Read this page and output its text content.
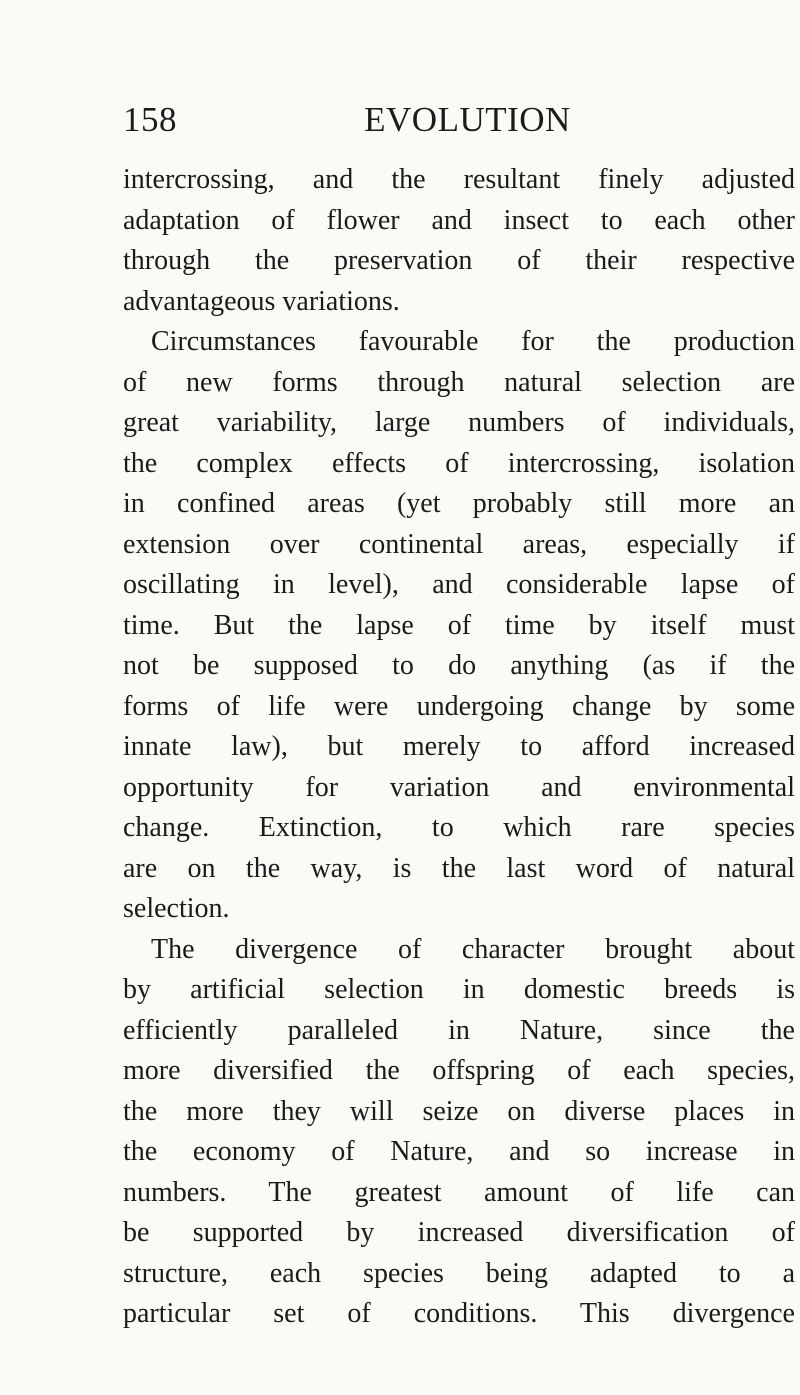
158	EVOLUTION
intercrossing, and the resultant finely adjusted
adaptation of flower and insect to each other
through the preservation of their respective
advantageous variations.
Circumstances favourable for the production
of new forms through natural selection are
great variability, large numbers of individuals,
the complex effects of intercrossing, isolation
in confined areas (yet probably still more an
extension over continental areas, especially if
oscillating in level), and considerable lapse of
time. But the lapse of time by itself must
not be supposed to do anything (as if the
forms of life were undergoing change by some
innate law), but merely to afford increased
opportunity for variation and environmental
change. Extinction, to which rare species
are on the way, is the last word of natural
selection.
The divergence of character brought about
by artificial selection in domestic breeds is
efficiently paralleled in Nature, since the
more diversified the offspring of each species,
the more they will seize on diverse places in
the economy of Nature, and so increase in
numbers. The greatest amount of life can
be supported by increased diversification of
structure, each species being adapted to a
particular set of conditions. This divergence
